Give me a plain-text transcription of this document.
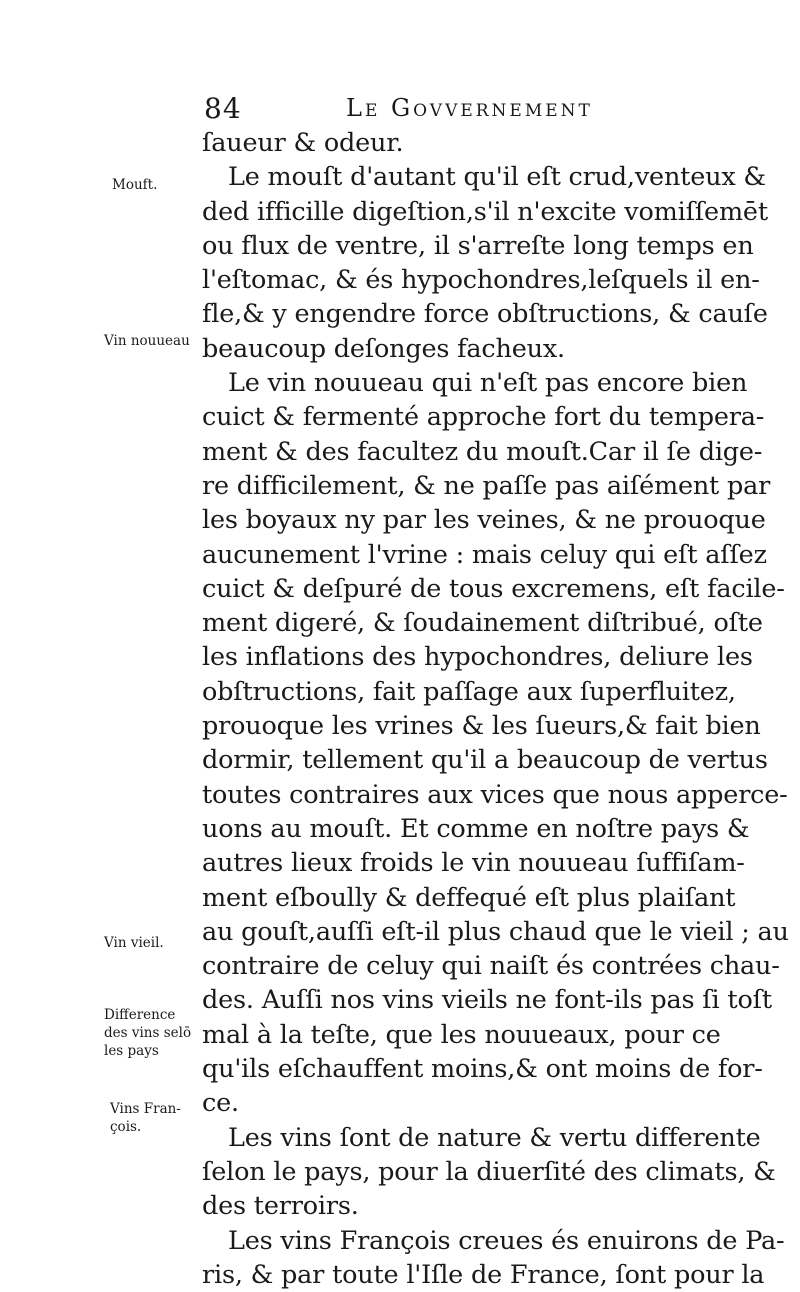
84	Le Govvernement
Mouft.
Vin nouueau
Vin vieil.
Difference
des vins selō
les pays
Vins Fran-
çois.
ſaueur & odeur.
Le mouſt d'autant qu'il eſt crud,venteux &
ded ifficille digeſtion,s'il n'excite vomiſſemēt
ou flux de ventre, il s'arreſte long temps en
l'eſtomac, & és hypochondres,leſquels il en-
fle,& y engendre force obſtructions, & cauſe
beaucoup deſonges facheux.
Le vin nouueau qui n'eſt pas encore bien
cuict & fermenté approche fort du tempera-
ment & des facultez du mouſt.Car il ſe dige-
re difficilement, & ne paſſe pas aiſément par
les boyaux ny par les veines, & ne prouoque
aucunement l'vrine : mais celuy qui eſt aſſez
cuict & deſpuré de tous excremens, eſt facile-
ment digeré, & ſoudainement diſtribué, oſte
les inflations des hypochondres, deliure les
obſtructions, fait paſſage aux ſuperfluitez,
prouoque les vrines & les ſueurs,& fait bien
dormir, tellement qu'il a beaucoup de vertus
toutes contraires aux vices que nous apperce-
uons au mouſt. Et comme en noſtre pays &
autres lieux froids le vin nouueau ſuffiſam-
ment eſboully & deffequé eſt plus plaiſant
au gouſt,auſſi eſt-il plus chaud que le vieil ; au
contraire de celuy qui naiſt és contrées chau-
des. Auſſi nos vins vieils ne font-ils pas ſi toſt
mal à la teſte, que les nouueaux, pour ce
qu'ils eſchauffent moins,& ont moins de for-
ce.
Les vins ſont de nature & vertu differente
ſelon le pays, pour la diuerſité des climats, &
des terroirs.
Les vins François creues és enuirons de Pa-
ris, & par toute l'Iſle de France, ſont pour la
